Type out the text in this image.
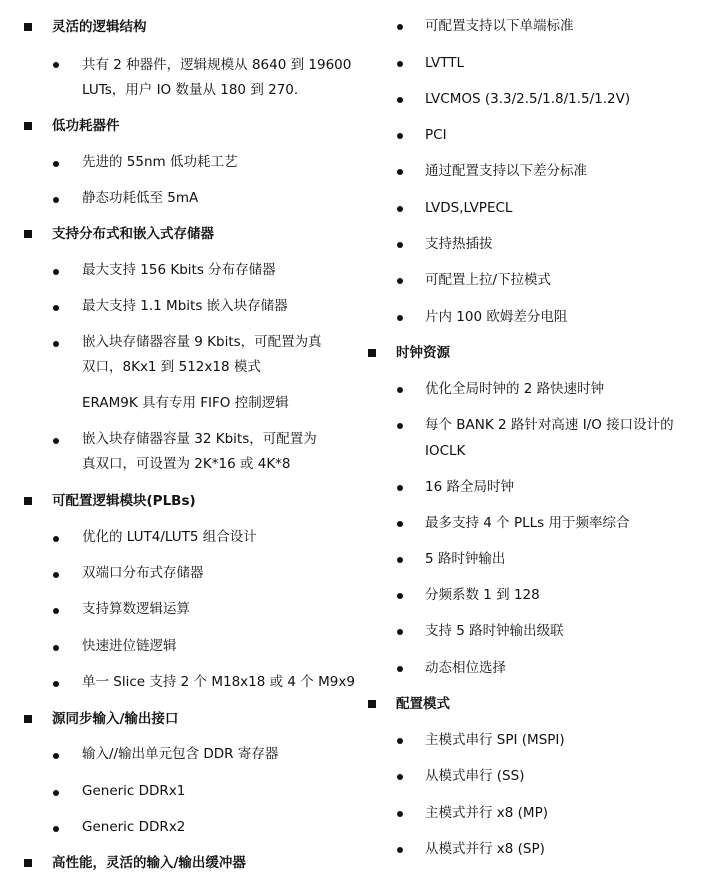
灵活的逻辑结构
共有 2 种器件，逻辑规模从 8640 到 19600
LUTs，用户 IO 数量从 180 到 270.
低功耗器件
先进的 55nm 低功耗工艺
静态功耗低至 5mA
支持分布式和嵌入式存储器
最大支持 156 Kbits 分布存储器
最大支持 1.1 Mbits 嵌入块存储器
嵌入块存储器容量 9 Kbits，可配置为真
双口，8Kx1 到 512x18 模式
ERAM9K 具有专用 FIFO 控制逻辑
嵌入块存储器容量 32 Kbits，可配置为
真双口，可设置为 2K*16 或 4K*8
可配置逻辑模块(PLBs)
优化的 LUT4/LUT5 组合设计
双端口分布式存储器
支持算数逻辑运算
快速进位链逻辑
单一 Slice 支持 2 个 M18x18 或 4 个 M9x9
源同步输入/输出接口
输入//输出单元包含 DDR 寄存器
Generic DDRx1
Generic DDRx2
高性能，灵活的输入/输出缓冲器
可配置支持以下单端标准
LVTTL
LVCMOS (3.3/2.5/1.8/1.5/1.2V)
PCI
通过配置支持以下差分标准
LVDS,LVPECL
支持热插拔
可配置上拉/下拉模式
片内 100 欧姆差分电阻
时钟资源
优化全局时钟的 2 路快速时钟
每个 BANK 2 路针对高速 I/O 接口设计的
IOCLK
16 路全局时钟
最多支持 4 个 PLLs 用于频率综合
5 路时钟输出
分频系数 1 到 128
支持 5 路时钟输出级联
动态相位选择
配置模式
主模式串行 SPI (MSPI)
从模式串行 (SS)
主模式并行 x8 (MP)
从模式并行 x8 (SP)
